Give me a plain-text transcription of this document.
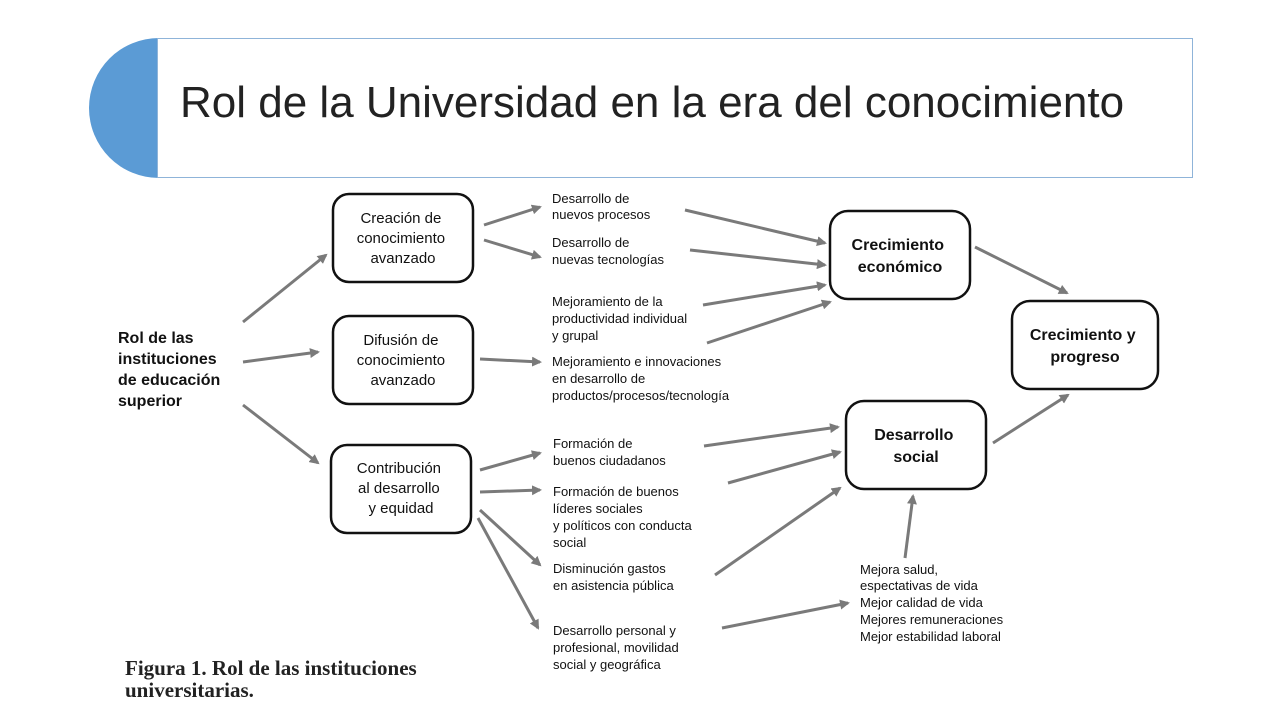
Rol de la Universidad en la era del conocimiento
Rol de las instituciones de educación superior
Creación de conocimiento avanzado
Difusión de conocimiento avanzado
Contribución al desarrollo y equidad
Crecimiento económico
Desarrollo social
Crecimiento y progreso
Desarrollo de nuevos procesos
Desarrollo de nuevas tecnologías
Mejoramiento de la productividad individual y grupal
Mejoramiento e innovaciones en desarrollo de productos/procesos/tecnología
Formación de buenos ciudadanos
Formación de buenos líderes sociales y políticos con conducta social
Disminución gastos en asistencia pública
Desarrollo personal y profesional, movilidad social y geográfica
Mejora salud, espectativas de vida Mejor calidad de vida Mejores remuneraciones Mejor estabilidad laboral
Figura 1. Rol de las instituciones
universitarias.
